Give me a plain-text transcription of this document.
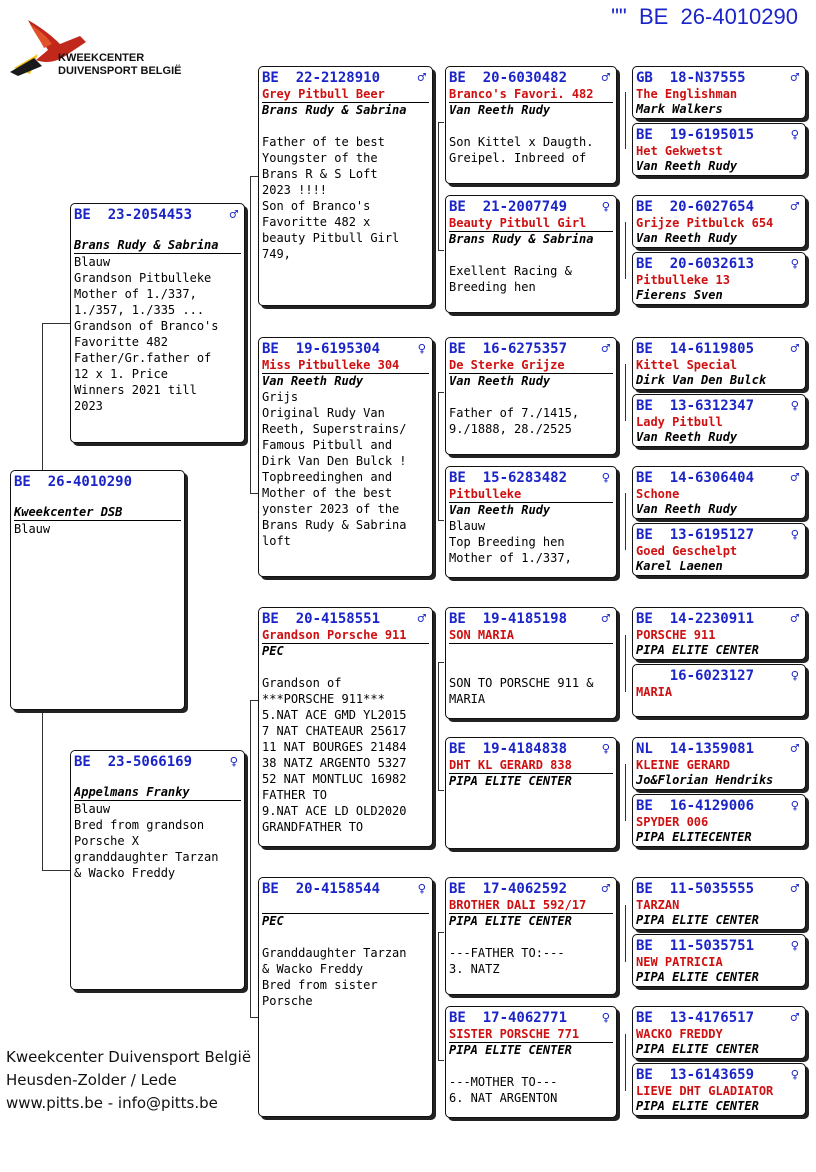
"" BE  26-4010290
KWEEKCENTER
DUIVENSPORT BELGIË
BE  26-4010290
Kweekcenter DSB
Blauw
BE  23-2054453	♂
Brans Rudy & Sabrina
Blauw
Grandson Pitbulleke
Mother of 1./337,
1./357, 1./335 ...
Grandson of Branco's
Favoritte 482
Father/Gr.father of
12 x 1. Price
Winners 2021 till
2023
BE  23-5066169	♀
Appelmans Franky
Blauw
Bred from grandson
Porsche X
granddaughter Tarzan
& Wacko Freddy
BE  22-2128910	♂
Grey Pitbull Beer
Brans Rudy & Sabrina
Father of te best
Youngster of the
Brans R & S Loft
2023 !!!!
Son of Branco's
Favoritte 482 x
beauty Pitbull Girl
749,
BE  19-6195304	♀
Miss Pitbulleke 304
Van Reeth Rudy
Grijs
Original Rudy Van
Reeth, Superstrains/
Famous Pitbull and
Dirk Van Den Bulck !
Topbreedinghen and
Mother of the best
yonster 2023 of the
Brans Rudy & Sabrina
loft
BE  20-4158551	♂
Grandson Porsche 911
PEC
Grandson of
***PORSCHE 911***
5.NAT ACE GMD YL2015
7 NAT CHATEAUR 25617
11 NAT BOURGES 21484
38 NATZ ARGENTO 5327
52 NAT MONTLUC 16982
FATHER TO
9.NAT ACE LD OLD2020
GRANDFATHER TO
BE  20-4158544	♀
PEC
Granddaughter Tarzan
& Wacko Freddy
Bred from sister
Porsche
BE  20-6030482 ♂
Branco's Favori. 482
Van Reeth Rudy
Son Kittel x Daugth.
Greipel. Inbreed of
BE  21-2007749 ♀
Beauty Pitbull Girl
Brans Rudy & Sabrina
Exellent Racing &
Breeding hen
BE  16-6275357 ♂
De Sterke Grijze
Van Reeth Rudy
Father of 7./1415,
9./1888, 28./2525
BE  15-6283482 ♀
Pitbulleke
Van Reeth Rudy
Blauw
Top Breeding hen
Mother of 1./337,
BE  19-4185198 ♂
SON MARIA
SON TO PORSCHE 911 &
MARIA
BE  19-4184838 ♀
DHT KL GERARD 838
PIPA ELITE CENTER
BE  17-4062592 ♂
BROTHER DALI 592/17
PIPA ELITE CENTER
---FATHER TO:---
3. NATZ
BE  17-4062771 ♀
SISTER PORSCHE 771
PIPA ELITE CENTER
---MOTHER TO---
6. NAT ARGENTON
GB  18-N37555	♂
The Englishman
Mark Walkers
BE  19-6195015	♀
Het Gekwetst
Van Reeth Rudy
BE  20-6027654	♂
Grijze Pitbulck 654
Van Reeth Rudy
BE  20-6032613	♀
Pitbulleke 13
Fierens Sven
BE  14-6119805	♂
Kittel Special
Dirk Van Den Bulck
BE  13-6312347	♀
Lady Pitbull
Van Reeth Rudy
BE  14-6306404	♂
Schone
Van Reeth Rudy
BE  13-6195127	♀
Goed Geschelpt
Karel Laenen
BE  14-2230911	♂
PORSCHE 911
PIPA ELITE CENTER
16-6023127	♀
MARIA
NL  14-1359081	♂
KLEINE GERARD
Jo&Florian Hendriks
BE  16-4129006	♀
SPYDER 006
PIPA ELITECENTER
BE  11-5035555	♂
TARZAN
PIPA ELITE CENTER
BE  11-5035751	♀
NEW PATRICIA
PIPA ELITE CENTER
BE  13-4176517	♂
WACKO FREDDY
PIPA ELITE CENTER
BE  13-6143659	♀
LIEVE DHT GLADIATOR
PIPA ELITE CENTER
Kweekcenter Duivensport België
Heusden-Zolder / Lede
www.pitts.be - info@pitts.be
